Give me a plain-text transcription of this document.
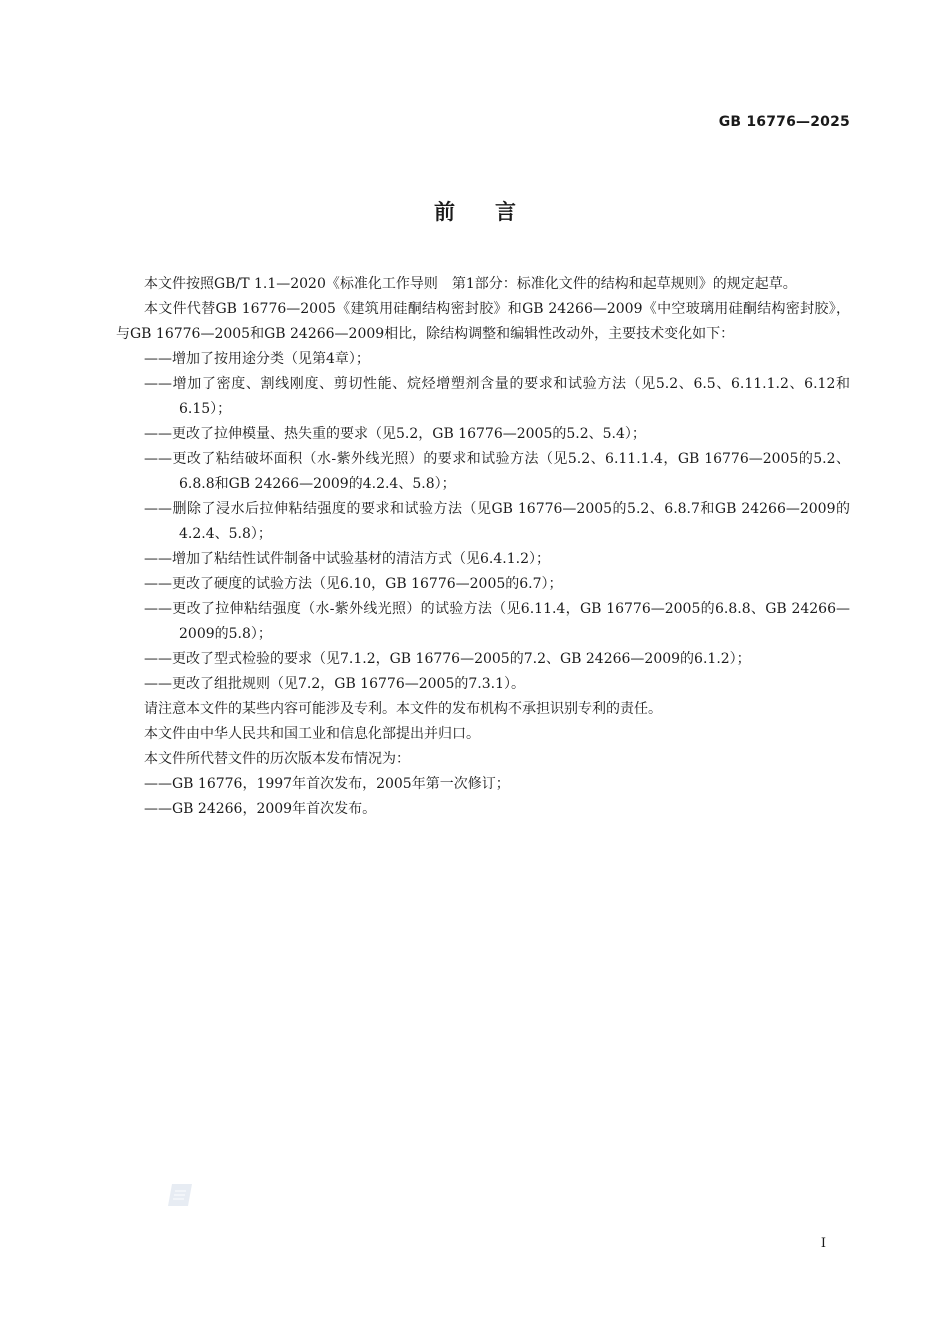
GB 16776—2025
前言

本文件按照GB/T 1.1—2020《标准化工作导则　第1部分：标准化文件的结构和起草规则》的规定起草。

本文件代替GB 16776—2005《建筑用硅酮结构密封胶》和GB 24266—2009《中空玻璃用硅酮结构密封胶》，与GB 16776—2005和GB 24266—2009相比，除结构调整和编辑性改动外，主要技术变化如下：

——增加了按用途分类（见第4章）；

——增加了密度、割线刚度、剪切性能、烷烃增塑剂含量的要求和试验方法（见5.2、6.5、6.11.1.2、6.12和6.15）；

——更改了拉伸模量、热失重的要求（见5.2，GB 16776—2005的5.2、5.4）；

——更改了粘结破坏面积（水-紫外线光照）的要求和试验方法（见5.2、6.11.1.4，GB 16776—2005的5.2、6.8.8和GB 24266—2009的4.2.4、5.8）；

——删除了浸水后拉伸粘结强度的要求和试验方法（见GB 16776—2005的5.2、6.8.7和GB 24266—2009的4.2.4、5.8）；

——增加了粘结性试件制备中试验基材的清洁方式（见6.4.1.2）；

——更改了硬度的试验方法（见6.10，GB 16776—2005的6.7）；

——更改了拉伸粘结强度（水-紫外线光照）的试验方法（见6.11.4，GB 16776—2005的6.8.8、GB 24266—2009的5.8）；

——更改了型式检验的要求（见7.1.2，GB 16776—2005的7.2、GB 24266—2009的6.1.2）；

——更改了组批规则（见7.2，GB 16776—2005的7.3.1）。

请注意本文件的某些内容可能涉及专利。本文件的发布机构不承担识别专利的责任。

本文件由中华人民共和国工业和信息化部提出并归口。

本文件所代替文件的历次版本发布情况为：

——GB 16776，1997年首次发布，2005年第一次修订；

——GB 24266，2009年首次发布。

I
